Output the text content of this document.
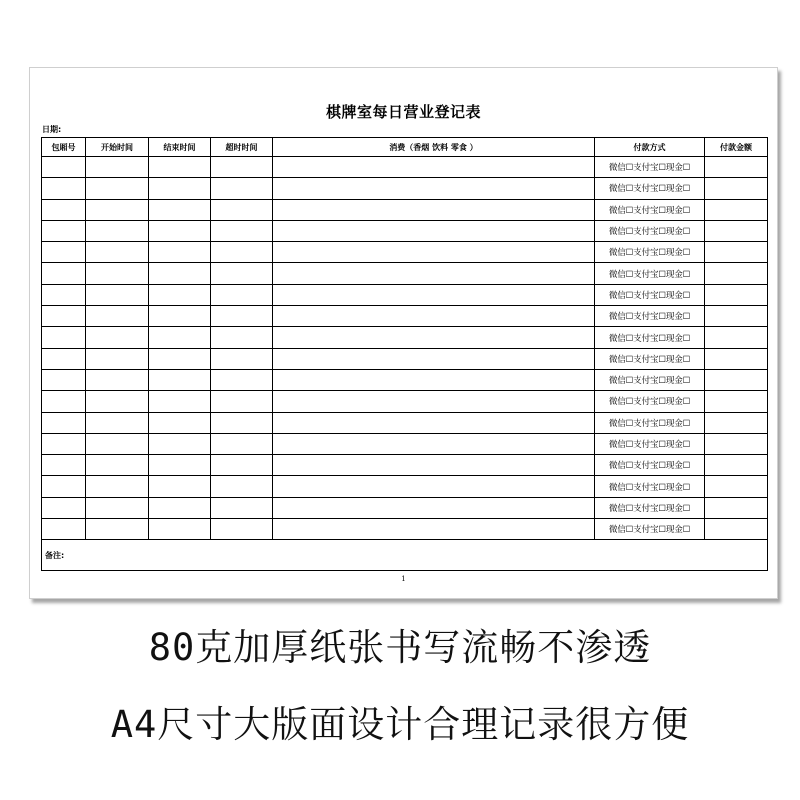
棋牌室每日营业登记表
日期:
包厢号	开始时间	结束时间	超时时间	消费（香烟 饮料 零食 ）	付款方式	付款金额
					微信☐支付宝☐现金☐	
					微信☐支付宝☐现金☐	
					微信☐支付宝☐现金☐	
					微信☐支付宝☐现金☐	
					微信☐支付宝☐现金☐	
					微信☐支付宝☐现金☐	
					微信☐支付宝☐现金☐	
					微信☐支付宝☐现金☐	
					微信☐支付宝☐现金☐	
					微信☐支付宝☐现金☐	
					微信☐支付宝☐现金☐	
					微信☐支付宝☐现金☐	
					微信☐支付宝☐现金☐	
					微信☐支付宝☐现金☐	
					微信☐支付宝☐现金☐	
					微信☐支付宝☐现金☐	
					微信☐支付宝☐现金☐	
					微信☐支付宝☐现金☐	
备注:						
1
80克加厚纸张书写流畅不渗透
A4尺寸大版面设计合理记录很方便
